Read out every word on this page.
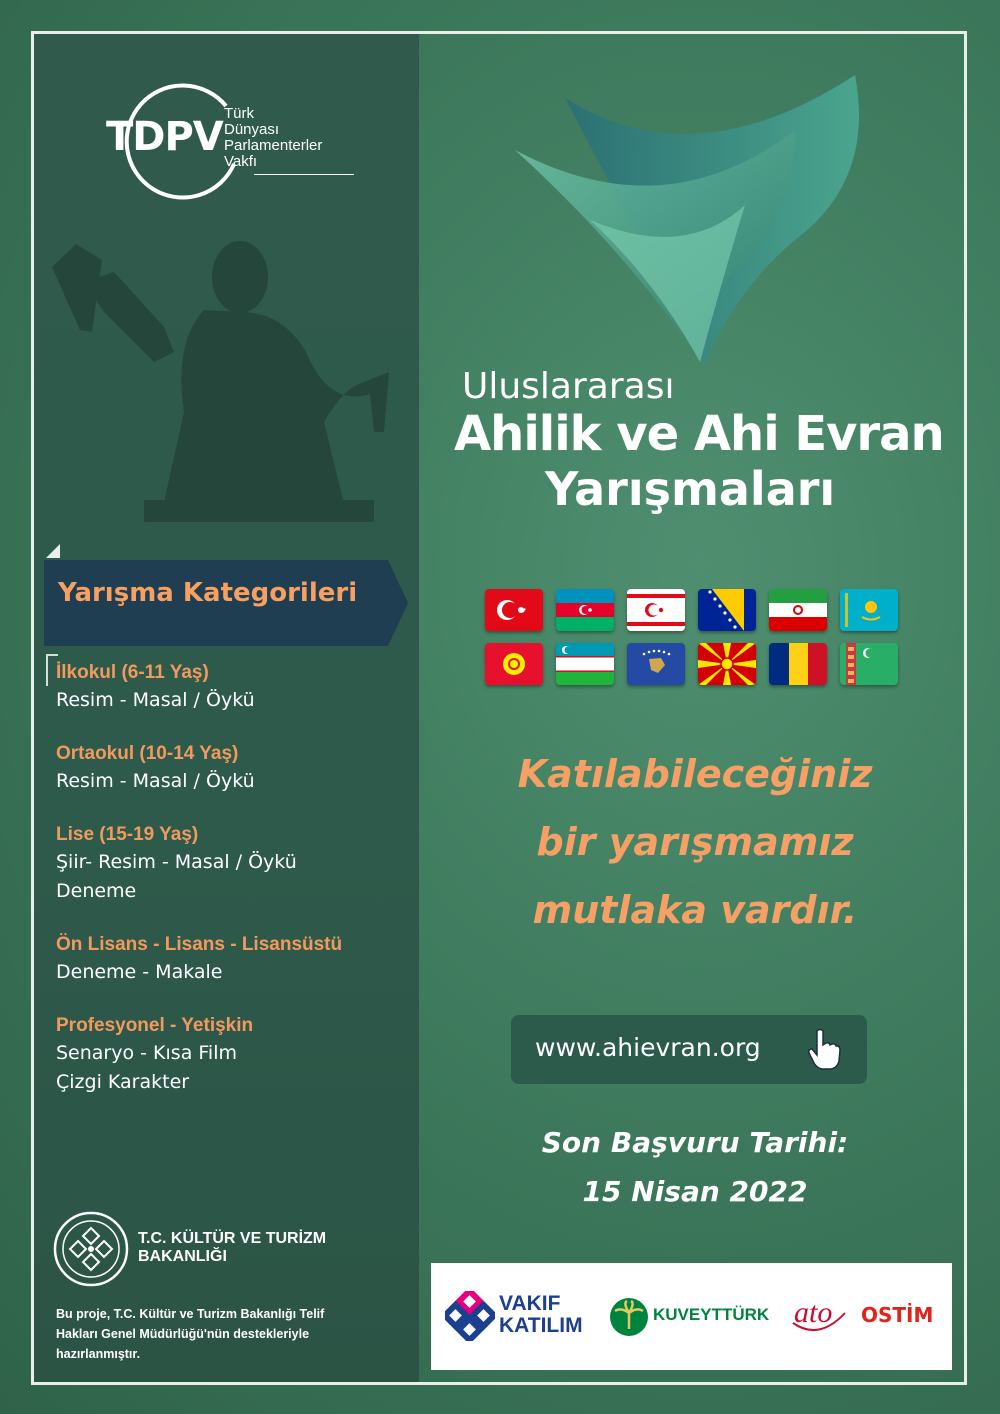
TDPV
Türk
Dünyası
Parlamenterler
Vakfı
Yarışma Kategorileri
İlkokul (6-11 Yaş)
Resim - Masal / Öykü
Ortaokul (10-14 Yaş)
Resim - Masal / Öykü
Lise (15-19 Yaş)
Şiir- Resim - Masal / Öykü
Deneme
Ön Lisans - Lisans - Lisansüstü
Deneme - Makale
Profesyonel - Yetişkin
Senaryo - Kısa Film
Çizgi Karakter
T.C. KÜLTÜR VE TURİZM
BAKANLIĞI
Bu proje, T.C. Kültür ve Turizm Bakanlığı Telif Hakları Genel Müdürlüğü'nün destekleriyle hazırlanmıştır.
Uluslararası
Ahilik ve Ahi Evran
Yarışmaları
Katılabileceğiniz
bir yarışmamız
mutlaka vardır.
www.ahievran.org
Son Başvuru Tarihi:
15 Nisan 2022
VAKIF
KATILIM	KUVEYTTÜRK ato OSTİM
